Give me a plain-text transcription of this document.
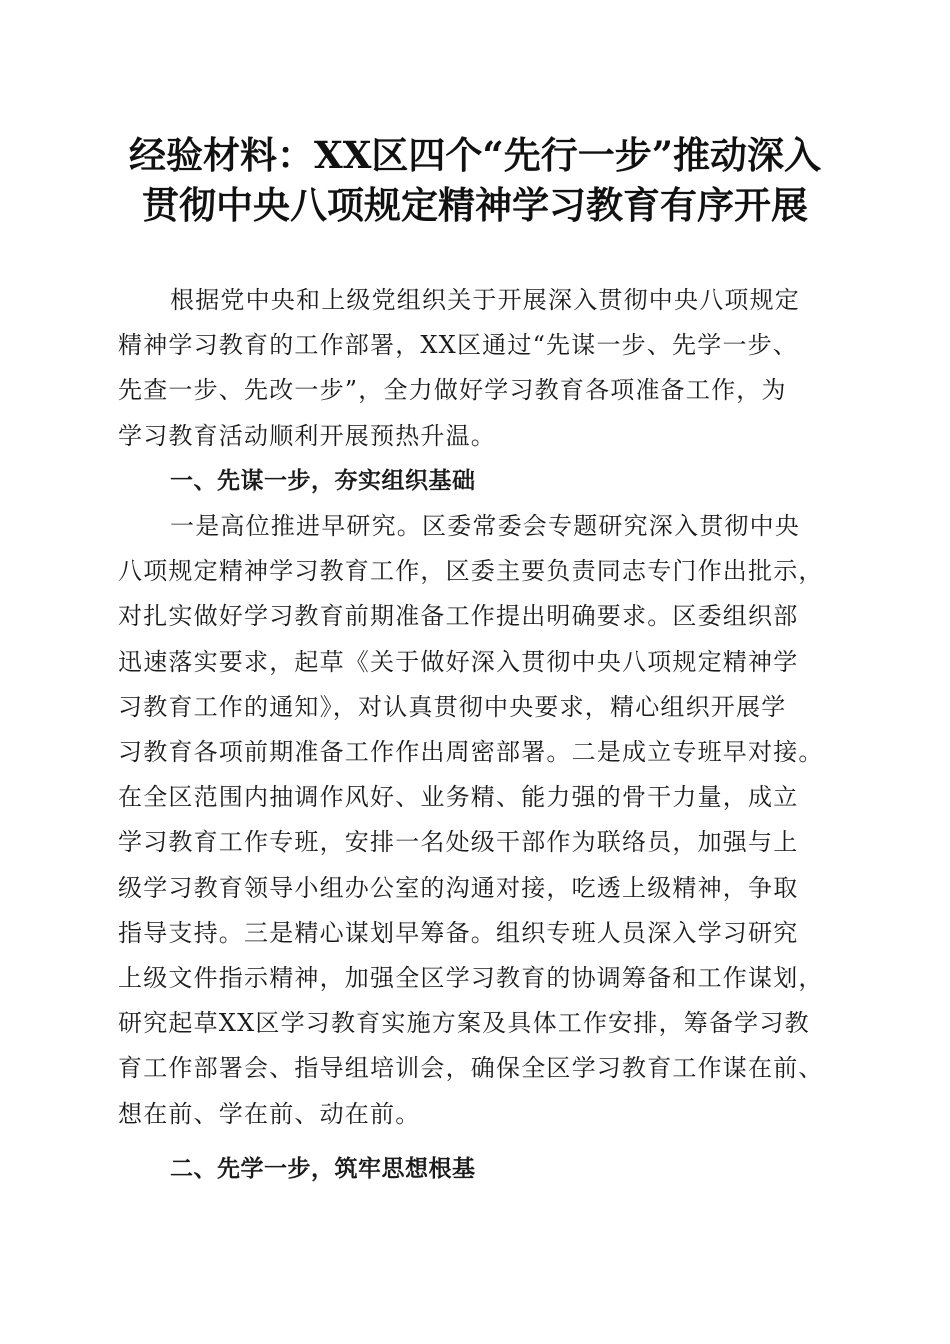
经验材料：XX区四个“先行一步”推动深入
贯彻中央八项规定精神学习教育有序开展
根据党中央和上级党组织关于开展深入贯彻中央八项规定
精神学习教育的工作部署，XX区通过“先谋一步、先学一步、
先查一步、先改一步”，全力做好学习教育各项准备工作，为
学习教育活动顺利开展预热升温。
一、先谋一步，夯实组织基础
一是高位推进早研究。区委常委会专题研究深入贯彻中央
八项规定精神学习教育工作，区委主要负责同志专门作出批示，
对扎实做好学习教育前期准备工作提出明确要求。区委组织部
迅速落实要求，起草《关于做好深入贯彻中央八项规定精神学
习教育工作的通知》，对认真贯彻中央要求，精心组织开展学
习教育各项前期准备工作作出周密部署。二是成立专班早对接。
在全区范围内抽调作风好、业务精、能力强的骨干力量，成立
学习教育工作专班，安排一名处级干部作为联络员，加强与上
级学习教育领导小组办公室的沟通对接，吃透上级精神，争取
指导支持。三是精心谋划早筹备。组织专班人员深入学习研究
上级文件指示精神，加强全区学习教育的协调筹备和工作谋划，
研究起草XX区学习教育实施方案及具体工作安排，筹备学习教
育工作部署会、指导组培训会，确保全区学习教育工作谋在前、
想在前、学在前、动在前。
二、先学一步，筑牢思想根基
